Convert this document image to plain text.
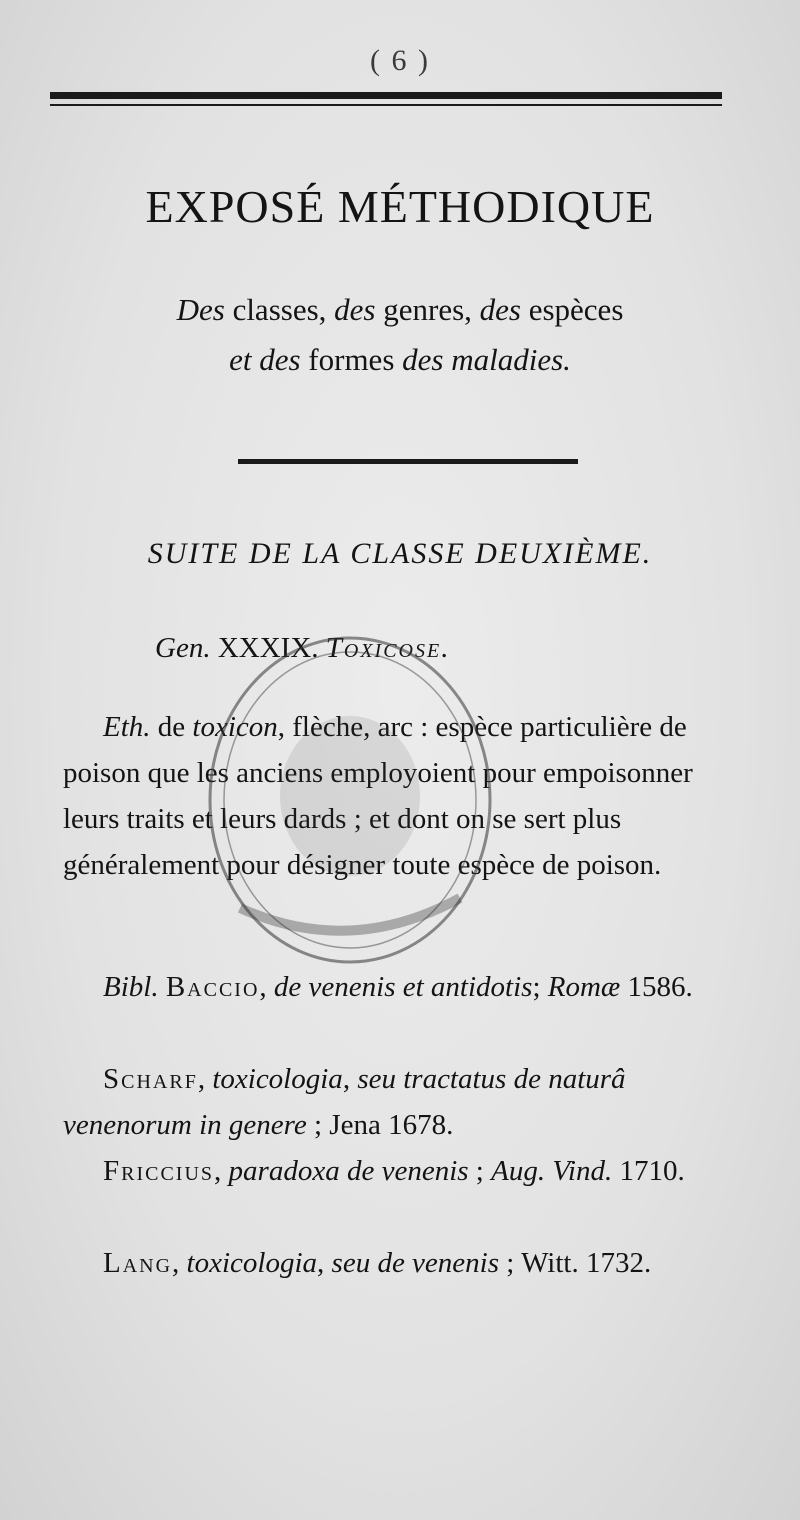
( 6 )
EXPOSÉ MÉTHODIQUE
Des classes, des genres, des espèces
et des formes des maladies.
SUITE DE LA CLASSE DEUXIÈME.
Gen. XXXIX. Toxicose.
Eth. de toxicon, flèche, arc : espèce particulière de poison que les anciens employoient pour empoisonner leurs traits et leurs dards ; et dont on se sert plus généralement pour désigner toute espèce de poison.
Bibl. Baccio, de venenis et antidotis; Romæ 1586.
Scharf, toxicologia, seu tractatus de naturâ venenorum in genere ; Jena 1678.
Friccius, paradoxa de venenis ; Aug. Vind. 1710.
Lang, toxicologia, seu de venenis ; Witt. 1732.
